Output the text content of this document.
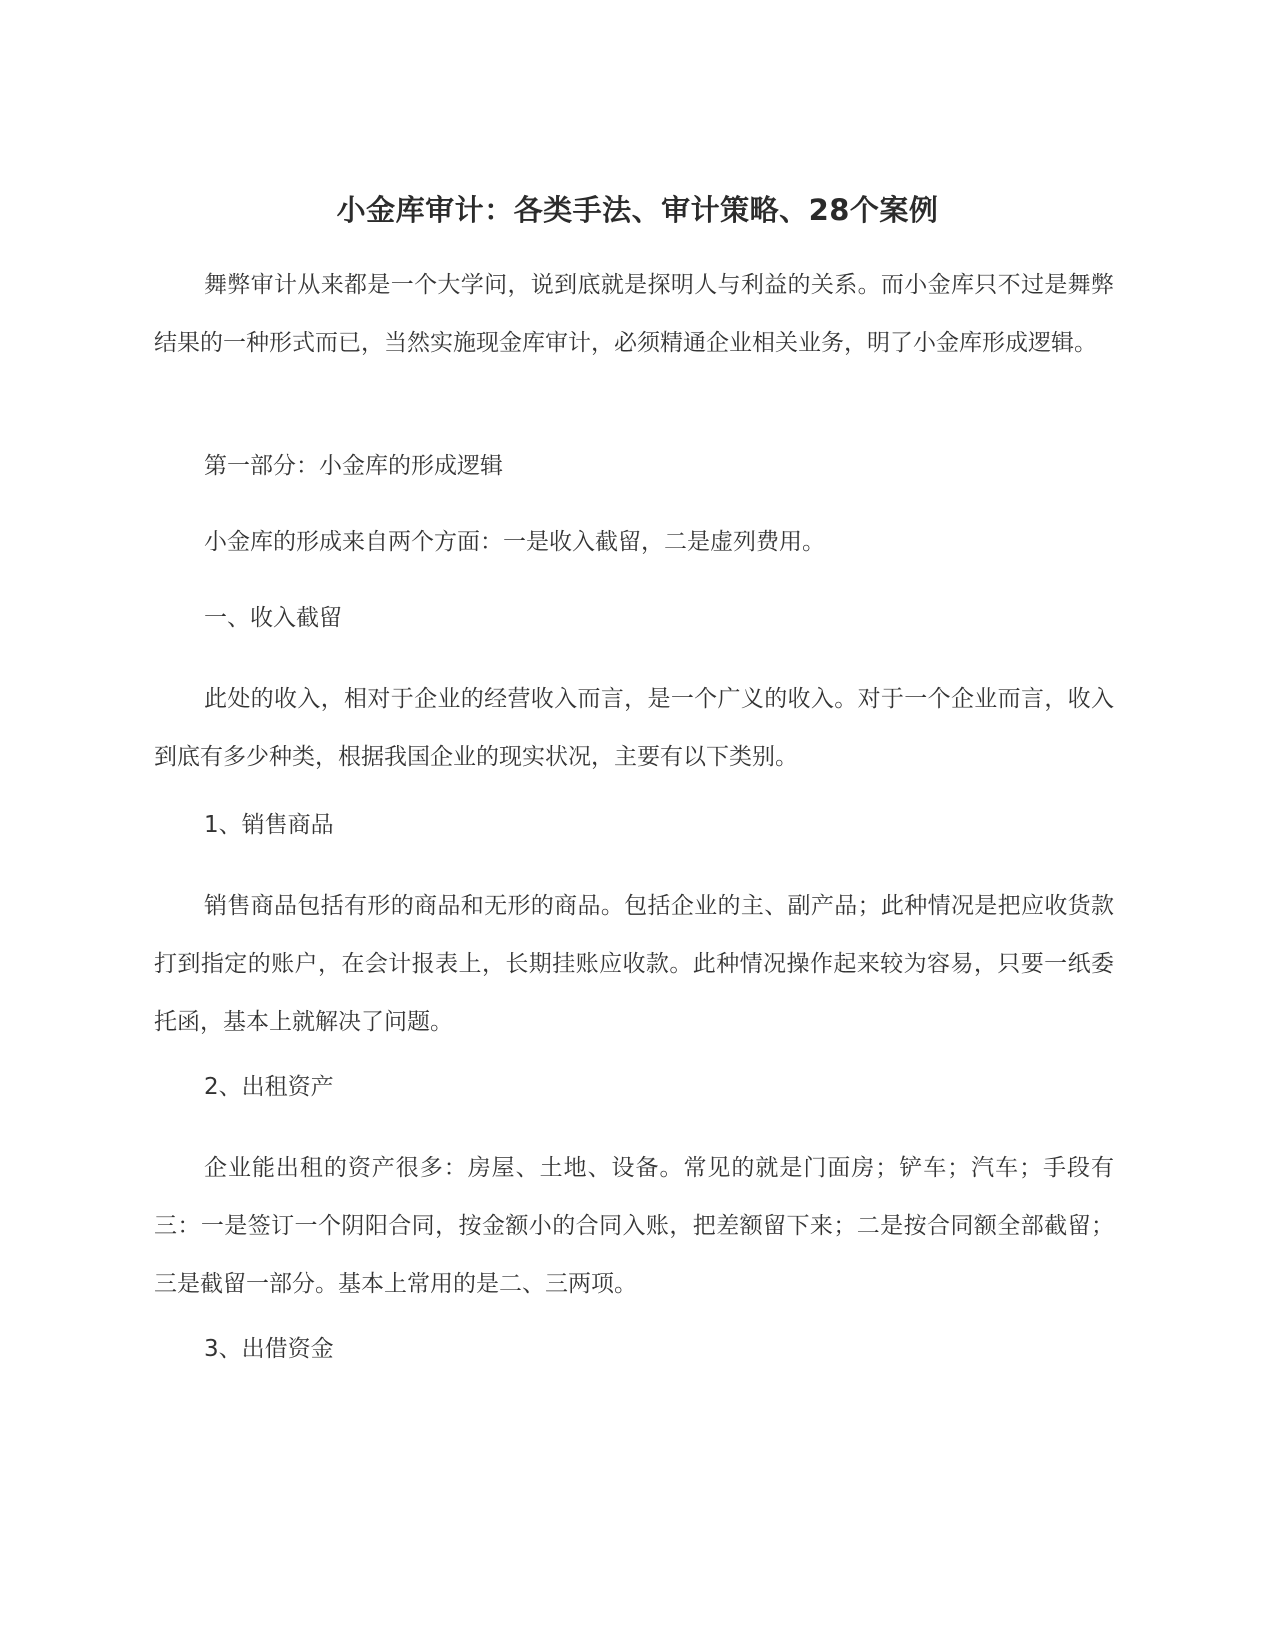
小金库审计：各类手法、审计策略、28个案例

舞弊审计从来都是一个大学问，说到底就是探明人与利益的关系。而小金库只不过是舞弊结果的一种形式而已，当然实施现金库审计，必须精通企业相关业务，明了小金库形成逻辑。

第一部分：小金库的形成逻辑

小金库的形成来自两个方面：一是收入截留，二是虚列费用。

一、收入截留

此处的收入，相对于企业的经营收入而言，是一个广义的收入。对于一个企业而言，收入到底有多少种类，根据我国企业的现实状况，主要有以下类别。

1、销售商品

销售商品包括有形的商品和无形的商品。包括企业的主、副产品；此种情况是把应收货款打到指定的账户，在会计报表上，长期挂账应收款。此种情况操作起来较为容易，只要一纸委托函，基本上就解决了问题。

2、出租资产

企业能出租的资产很多：房屋、土地、设备。常见的就是门面房；铲车；汽车；手段有三：一是签订一个阴阳合同，按金额小的合同入账，把差额留下来；二是按合同额全部截留；三是截留一部分。基本上常用的是二、三两项。

3、出借资金
